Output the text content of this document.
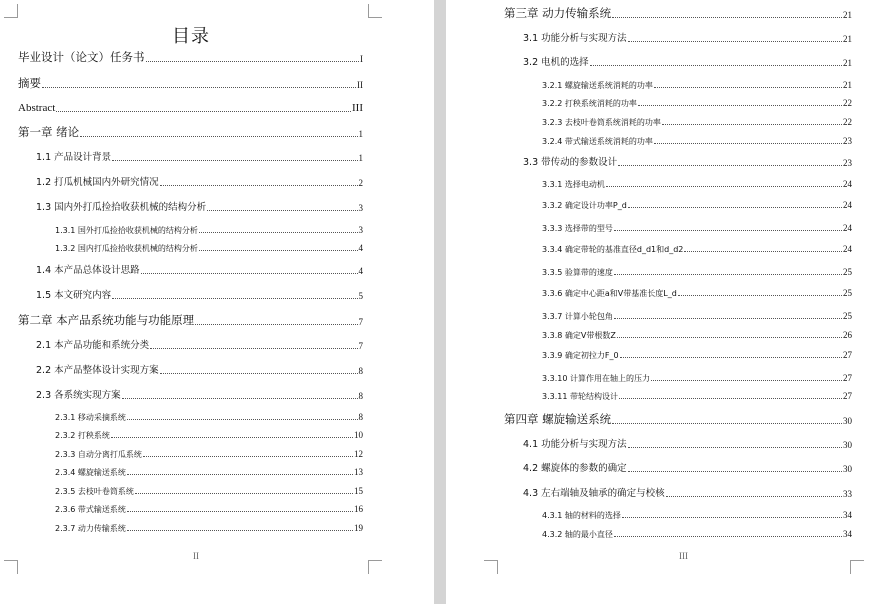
目录
毕业设计（论文）任务书	I
摘要	II
Abstract	III
第一章 绪论	1
1.1 产品设计背景	1
1.2 打瓜机械国内外研究情况	2
1.3 国内外打瓜捡拾收获机械的结构分析	3
1.3.1 国外打瓜捡拾收获机械的结构分析	3
1.3.2 国内打瓜捡拾收获机械的结构分析	4
1.4 本产品总体设计思路	4
1.5 本文研究内容	5
第二章 本产品系统功能与功能原理	7
2.1 本产品功能和系统分类	7
2.2 本产品整体设计实现方案	8
2.3 各系统实现方案	8
2.3.1 移动采摘系统	8
2.3.2 打秧系统	10
2.3.3 自动分离打瓜系统	12
2.3.4 螺旋输送系统	13
2.3.5 去枝叶卷筒系统	15
2.3.6 带式输送系统	16
2.3.7 动力传输系统	19
II
第三章 动力传输系统	21
3.1 功能分析与实现方法	21
3.2 电机的选择	21
3.2.1 螺旋输送系统消耗的功率	21
3.2.2 打秧系统消耗的功率	22
3.2.3 去枝叶卷筒系统消耗的功率	22
3.2.4 带式输送系统消耗的功率	23
3.3 带传动的参数设计	23
3.3.1 选择电动机	24
3.3.2 确定设计功率P_d	24
3.3.3 选择带的型号	24
3.3.4 确定带轮的基准直径d_d1和d_d2	24
3.3.5 验算带的速度	25
3.3.6 确定中心距a和V带基准长度L_d	25
3.3.7 计算小轮包角	25
3.3.8 确定V带根数Z	26
3.3.9 确定初拉力F_0	27
3.3.10 计算作用在轴上的压力	27
3.3.11 带轮结构设计	27
第四章 螺旋输送系统	30
4.1 功能分析与实现方法	30
4.2 螺旋体的参数的确定	30
4.3 左右端轴及轴承的确定与校核	33
4.3.1 轴的材料的选择	34
4.3.2 轴的最小直径	34
III
